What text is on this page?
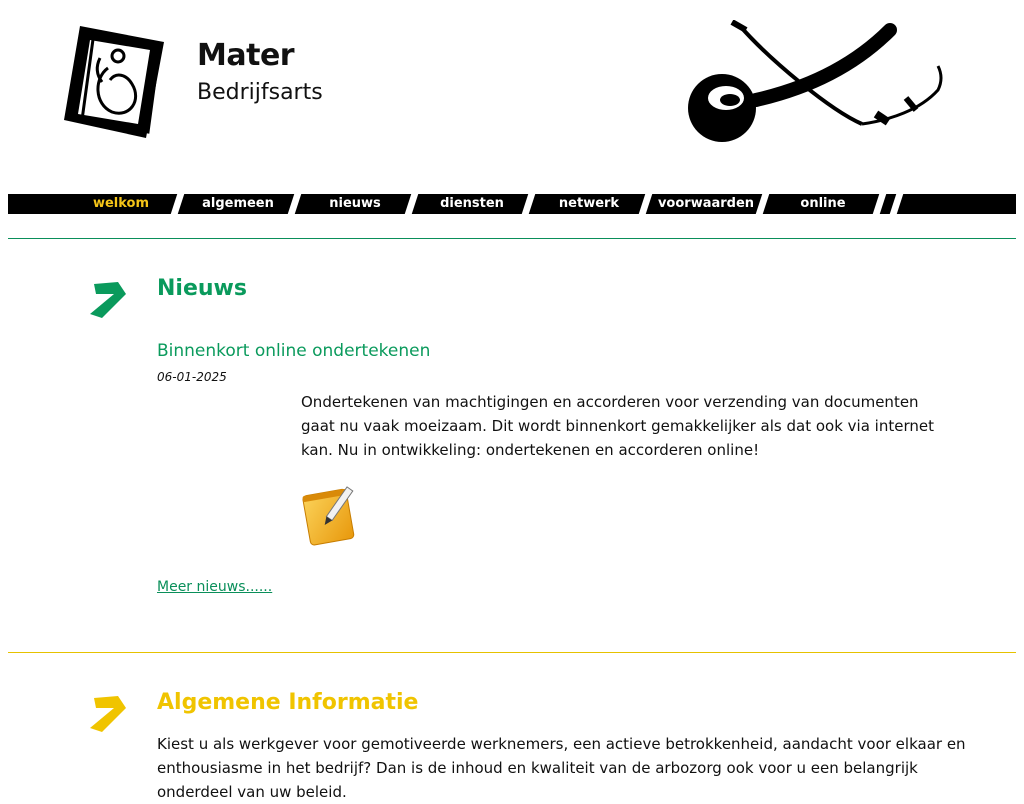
Mater
Bedrijfsarts
welkom	algemeen	nieuws	diensten	netwerk	voorwaarden	online
Nieuws
Binnenkort online ondertekenen
06-01-2025
Ondertekenen van machtigingen en accorderen voor verzending van documenten gaat nu vaak moeizaam. Dit wordt binnenkort gemakkelijker als dat ook via internet kan. Nu in ontwikkeling: ondertekenen en accorderen online!
Meer nieuws......
Algemene Informatie
Kiest u als werkgever voor gemotiveerde werknemers, een actieve betrokkenheid, aandacht voor elkaar en enthousiasme in het bedrijf? Dan is de inhoud en kwaliteit van de arbozorg ook voor u een belangrijk onderdeel van uw beleid.
